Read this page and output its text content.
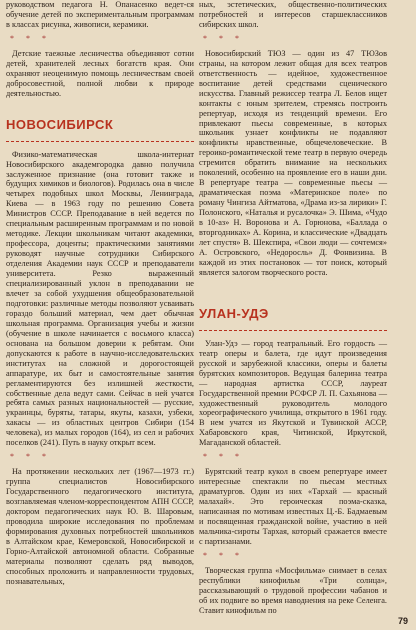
руководством педагога Н. Опанасенко ведет-ся обучение детей по экспериментальным программам в классах рисунка, живописи, керамики.

* * *

Детские таежные лесничества объединяют сотни детей, хранителей лесных богатств края. Они охраняют неоценимую помощь лесничествам своей добросовестной, полной любви к природе деятельностью.

НОВОСИБИРСК

Физико-математическая школа-интернат Новосибирского академгородка давно получила заслуженное признание (она готовит также и будущих химиков и биологов). Родилась она в числе четырех подобных школ Москвы, Ленинграда, Киева — в 1963 году по решению Совета Министров СССР. Преподавание в ней ведется по специальным расширенным программам и по новой методике. Лекции школьникам читают академики, профессора, доценты; практическими занятиями руководят научные сотрудники Сибирского отделения Академии наук СССР и преподаватели университета. Резко выраженный специализированный уклон в преподавании не влечет за собой ухудшения общеобразовательной подготовки: различные методы позволяют усваивать гораздо больший материал, чем дает обычная школьная программа. Организация учебы и жизни (обучение в школе начинается с восьмого класса) основана на большом доверии к ребятам. Они допускаются к работе в научно-исследовательских институтах на сложной и дорогостоящей аппаратуре, их быт и самостоятельные занятия регламентируются без излишней жесткости, собственные дела ведут сами. Сейчас в ней учатся ребята самых разных национальностей — русские, украинцы, буряты, татары, якуты, казахи, узбеки, хакасы — из областных центров Сибири (154 человека), из малых городов (164), из сел и рабочих поселков (241). Путь в науку открыт всем.

* * *

На протяжении нескольких лет (1967—1973 гг.) группа специалистов Новосибирского Государственного педагогического института, возглавляемая членом-корреспондентом АПН СССР, доктором педагогических наук Ю. В. Шаровым, проводила широкие исследования по проблемам формирования духовных потребностей школьников в Алтайском крае, Кемеровской, Новосибирской и Горно-Алтайской автономной области. Собранные материалы позволяют сделать ряд выводов, способных проложить и направленности трудовых, познавательных,

ных, эстетических, общественно-политических потребностей и интересов старшеклассников сибирских школ.

* * *

Новосибирский ТЮЗ — один из 47 ТЮЗов страны, на котором лежит общая для всех театров ответственность — идейное, художественное воспитание детей средствами сценического искусства. Главный режиссер театра Л. Белов ищет контакты с юным зрителем, стремясь построить репертуар, исходя из тенденций времени. Его привлекают пьесы современные, в которых школьник узнает конфликты не подавляют конфликты нравственные, общечеловеческие. В героико-романтической теме театр в первую очередь стремится обратить внимание на нескольких поколений, особенно на проявление его в наши дни. В репертуаре театра — современные пьесы — драматическая поэма «Материнское поле» по роману Чингиза Айтматова, «Драма из-за лирики» Г. Полонского, «Наталья и русалочка» Э. Шима, «Чудо в 10-аз» Н. Воронова и А. Горюнова, «Баллада о вторгодниках» А. Корина, и классические «Двадцать лет спустя» В. Шекспира, «Свои люди — сочтемся» А. Островского, «Недоросль» Д. Фонвизина. В каждой из этих постановок — тот поиск, который является залогом творческого роста.

УЛАН-УДЭ

Улан-Удэ — город театральный. Его гордость — театр оперы и балета, где идут произведения русской и зарубежной классики, оперы и балеты бурятских композиторов. Ведущая балерина театра — народная артистка СССР, лауреат Государственной премии РСФСР Л. П. Сахьянова — художественный руководитель молодого хореографического училища, открытого в 1961 году. В нем учатся из Якутской и Тувинской АССР, Хабаровского края, Читинской, Иркутской, Магаданской областей.

* * *

Бурятский театр кукол в своем репертуаре имеет интересные спектакли по пьесам местных драматургов. Один из них «Тархай — красный малахай». Это героическая поэма-сказка, написанная по мотивам известных Ц.-Б. Бадмаевым и посвященная гражданской войне, участию в ней мальчика-сироты Тархая, который сражается вместе с партизанами.

* * *

Творческая группа «Мосфильма» снимает в селах республики кинофильм «Три солнца», рассказывающий о трудовой профессии чабанов и об их подвиге во время наводнения на реке Селенга. Ставит кинофильм по

79
